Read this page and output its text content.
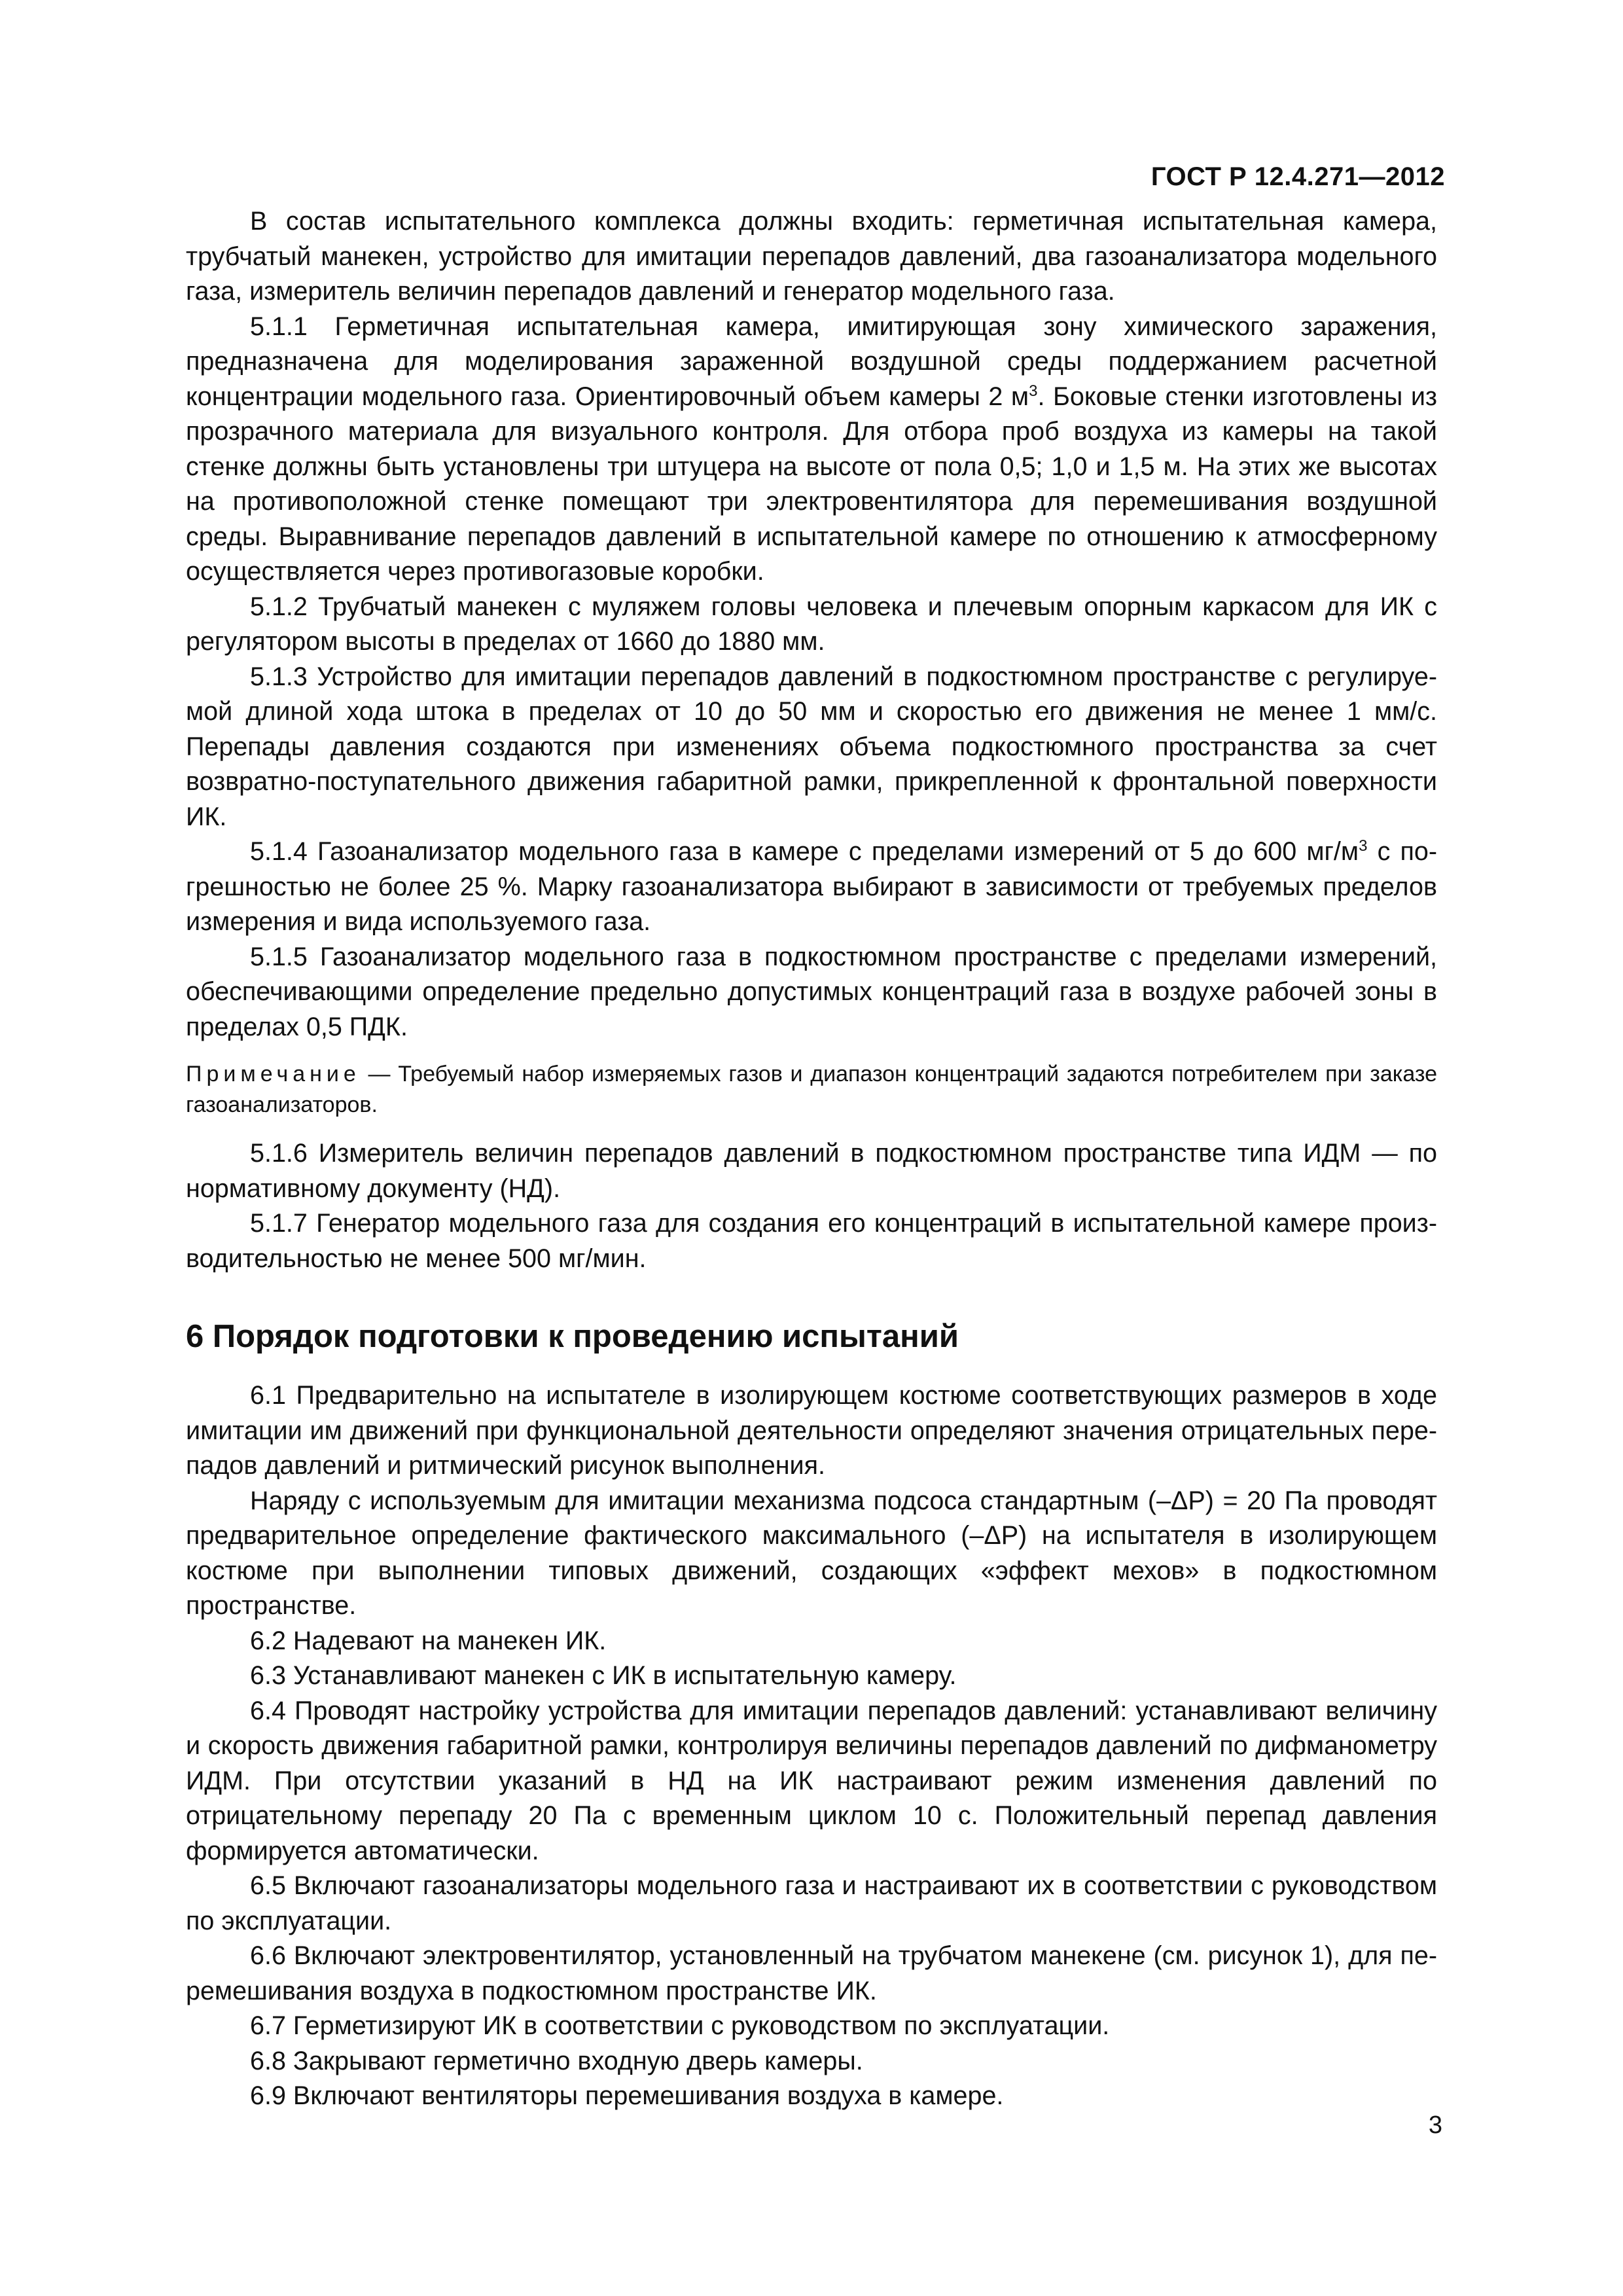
ГОСТ Р 12.4.271—2012

В состав испытательного комплекса должны входить: герметичная испытательная камера, трубчатый манекен, устройство для имитации перепадов давлений, два газоанализатора модельного газа, измеритель величин перепадов давлений и генератор модельного газа.

5.1.1 Герметичная испытательная камера, имитирующая зону химического заражения, предназначена для моделирования зараженной воздушной среды поддержанием расчетной концентрации модельного газа. Ориентировочный объем камеры 2 $м^3$. Боковые стенки изготовлены из прозрачного материала для визуального контроля. Для отбора проб воздуха из камеры на такой стенке должны быть установлены три штуцера на высоте от пола 0,5; 1,0 и 1,5 м. На этих же высотах на противоположной стенке помещают три электровентилятора для перемешивания воздушной среды. Выравнивание перепадов давлений в испытательной камере по отношению к атмосферному осуществляется через противогазовые коробки.

5.1.2 Трубчатый манекен с муляжем головы человека и плечевым опорным каркасом для ИК с регулятором высоты в пределах от 1660 до 1880 мм.

5.1.3 Устройство для имитации перепадов давлений в подкостюмном пространстве с регулируемой длиной хода штока в пределах от 10 до 50 мм и скоростью его движения не менее 1 мм/с. Перепады давления создаются при изменениях объема подкостюмного пространства за счет возвратно-поступательного движения габаритной рамки, прикрепленной к фронтальной поверхности ИК.

5.1.4 Газоанализатор модельного газа в камере с пределами измерений от 5 до 600 $мг/м^3$ с погрешностью не более 25 %. Марку газоанализатора выбирают в зависимости от требуемых пределов измерения и вида используемого газа.

5.1.5 Газоанализатор модельного газа в подкостюмном пространстве с пределами измерений, обеспечивающими определение предельно допустимых концентраций газа в воздухе рабочей зоны в пределах 0,5 ПДК.

Примечание — Требуемый набор измеряемых газов и диапазон концентраций задаются потребителем при заказе газоанализаторов.

5.1.6 Измеритель величин перепадов давлений в подкостюмном пространстве типа ИДМ — по нормативному документу (НД).

5.1.7 Генератор модельного газа для создания его концентраций в испытательной камере производительностью не менее 500 мг/мин.

6 Порядок подготовки к проведению испытаний

6.1 Предварительно на испытателе в изолирующем костюме соответствующих размеров в ходе имитации им движений при функциональной деятельности определяют значения отрицательных перепадов давлений и ритмический рисунок выполнения.

Наряду с используемым для имитации механизма подсоса стандартным (–ΔР) = 20 Па проводят предварительное определение фактического максимального (–ΔР) на испытателя в изолирующем костюме при выполнении типовых движений, создающих «эффект мехов» в подкостюмном пространстве.

6.2 Надевают на манекен ИК.

6.3 Устанавливают манекен с ИК в испытательную камеру.

6.4 Проводят настройку устройства для имитации перепадов давлений: устанавливают величину и скорость движения габаритной рамки, контролируя величины перепадов давлений по дифманометру ИДМ. При отсутствии указаний в НД на ИК настраивают режим изменения давлений по отрицательному перепаду 20 Па с временным циклом 10 с. Положительный перепад давления формируется автоматически.

6.5 Включают газоанализаторы модельного газа и настраивают их в соответствии с руководством по эксплуатации.

6.6 Включают электровентилятор, установленный на трубчатом манекене (см. рисунок 1), для перемешивания воздуха в подкостюмном пространстве ИК.

6.7 Герметизируют ИК в соответствии с руководством по эксплуатации.

6.8 Закрывают герметично входную дверь камеры.

6.9 Включают вентиляторы перемешивания воздуха в камере.

3
